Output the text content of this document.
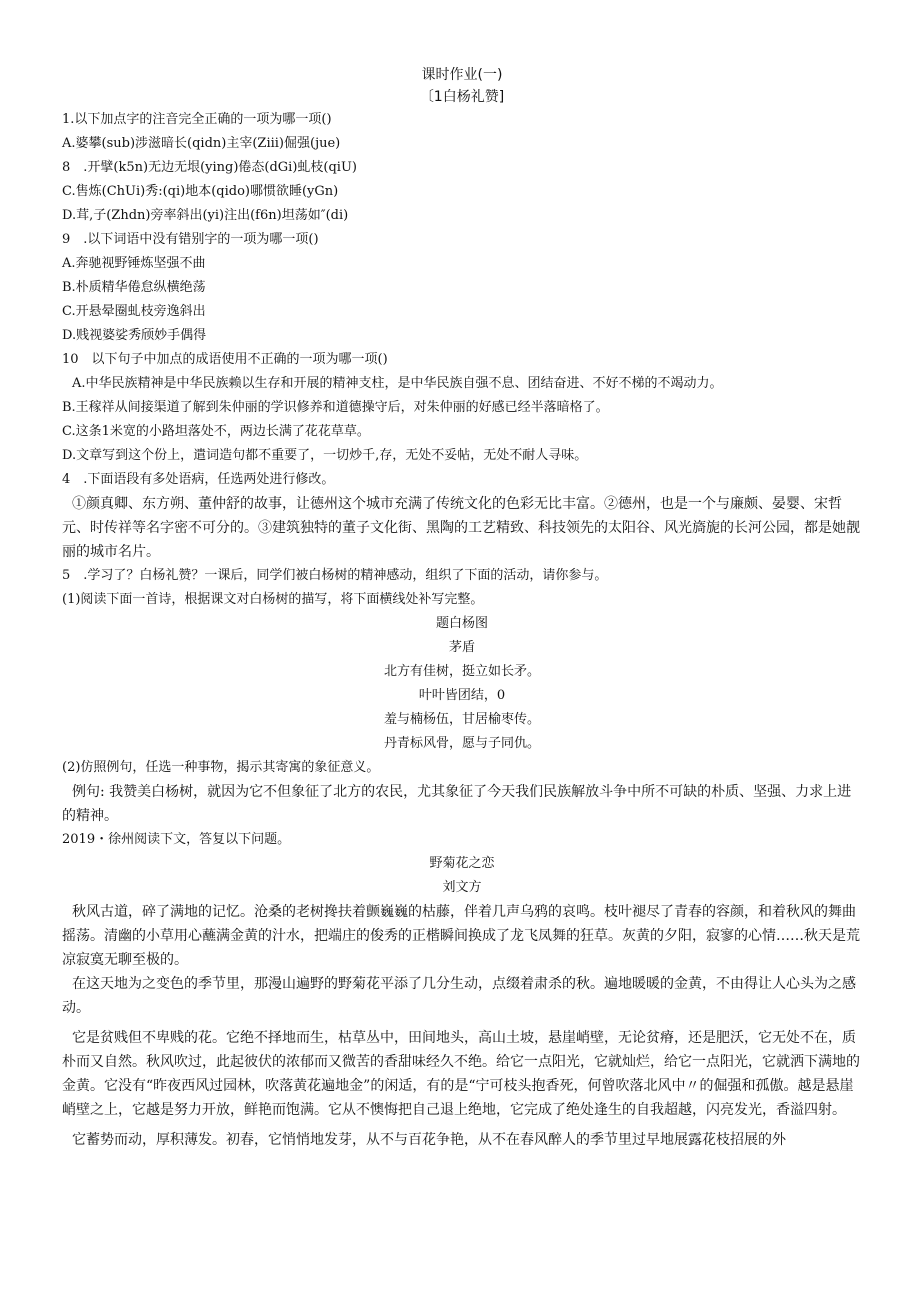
课时作业(一)
〔1白杨礼赞]
1.以下加点字的注音完全正确的一项为哪一项()
A.婆攀(sub)涉滋暗长(qidn)主宰(Ziii)倔强(jue)
8　.开擘(k5n)无边无垠(ying)倦态(dGi)虬枝(qiU)
C.售炼(ChUi)秀:(qi)地本(qido)哪惯欲睡(yGn)
D.茸,子(Zhdn)旁率斜出(yi)注出(f6n)坦荡如″(di)
9　.以下词语中没有错别字的一项为哪一项()
A.奔驰视野锤炼坚强不曲
B.朴质精华倦怠纵横绝荡
C.开悬晕圈虬枝旁逸斜出
D.贱视婆娑秀颀妙手偶得
10　以下句子中加点的成语使用不正确的一项为哪一项()
A.中华民族精神是中华民族赖以生存和开展的精神支柱，是中华民族自强不息、团结奋进、不好不梯的不竭动力。
B.王稼祥从间接渠道了解到朱仲丽的学识修养和道德操守后，对朱仲丽的好感已经半落暗格了。
C.这条1米宽的小路坦落处不，两边长满了花花草草。
D.文章写到这个份上，遣词造句都不重要了，一切炒千,存，无处不妥帖，无处不耐人寻味。
4　.下面语段有多处语病，任选两处进行修改。
①颜真卿、东方朔、董仲舒的故事，让德州这个城市充满了传统文化的色彩无比丰富。②德州，也是一个与廉颇、晏婴、宋哲元、时传祥等名字密不可分的。③建筑独特的董子文化街、黑陶的工艺精致、科技领先的太阳谷、风光旖旎的长河公园，都是她靓丽的城市名片。
5　.学习了？白杨礼赞？一课后，同学们被白杨树的精神感动，组织了下面的活动，请你参与。
(1)阅读下面一首诗，根据课文对白杨树的描写，将下面横线处补写完整。
题白杨图
茅盾
北方有佳树，挺立如长矛。
叶叶皆团结，0
羞与楠杨伍，甘居榆枣传。
丹青标风骨，愿与子同仇。
(2)仿照例句，任选一种事物，揭示其寄寓的象征意义。
例句: 我赞美白杨树，就因为它不但象征了北方的农民，尤其象征了今天我们民族解放斗争中所不可缺的朴质、坚强、力求上进的精神。
2019・徐州阅读下文，答复以下问题。
野菊花之恋
刘文方
秋风古道，碎了满地的记忆。沧桑的老树搀扶着颤巍巍的枯藤，伴着几声乌鸦的哀鸣。枝叶褪尽了青春的容颜，和着秋风的舞曲摇荡。清幽的小草用心蘸满金黄的汁水，把端庄的俊秀的正楷瞬间换成了龙飞凤舞的狂草。灰黄的夕阳，寂寥的心情……秋天是荒凉寂寞无聊至极的。
在这天地为之变色的季节里，那漫山遍野的野菊花平添了几分生动，点缀着肃杀的秋。遍地暖暖的金黄，不由得让人心头为之感动。
它是贫贱但不卑贱的花。它绝不择地而生，枯草丛中，田间地头，高山土坡，悬崖峭壁，无论贫瘠，还是肥沃，它无处不在，质朴而又自然。秋风吹过，此起彼伏的浓郁而又微苦的香甜味经久不绝。给它一点阳光，它就灿烂，给它一点阳光，它就洒下满地的金黄。它没有“昨夜西风过园林，吹落黄花遍地金”的闲适，有的是“宁可枝头抱香死，何曾吹落北风中〃的倔强和孤傲。越是悬崖峭壁之上，它越是努力开放，鲜艳而饱满。它从不懊悔把自己退上绝地，它完成了绝处逢生的自我超越，闪亮发光，香溢四射。
它蓄势而动，厚积薄发。初春，它悄悄地发芽，从不与百花争艳，从不在春风醉人的季节里过早地展露花枝招展的外
